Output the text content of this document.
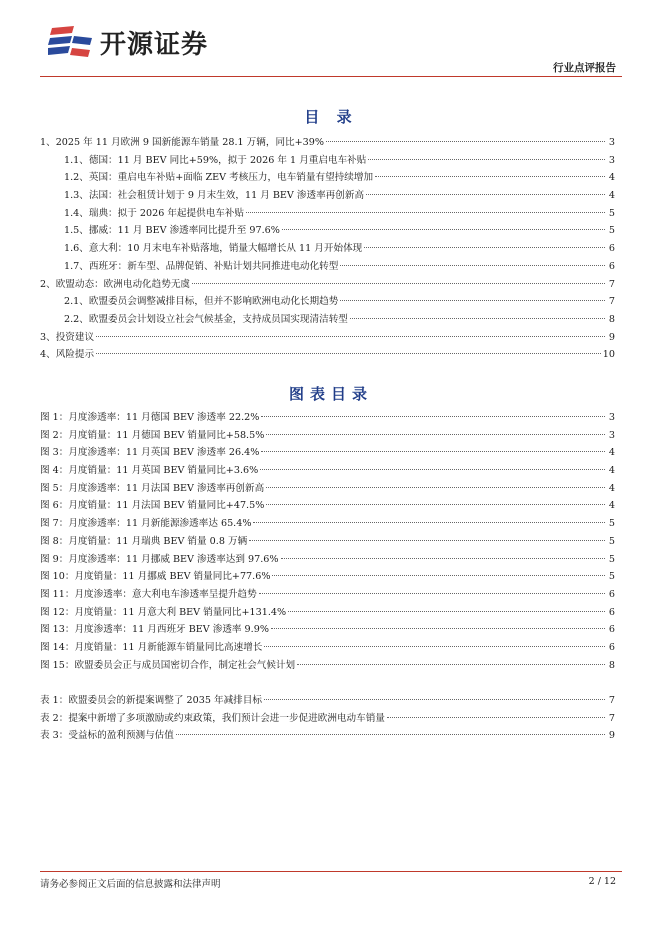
开源证券
行业点评报告
目 录
1、 2025 年 11 月欧洲 9 国新能源车销量 28.1 万辆，同比+39%	3
1.1、 德国：11 月 BEV 同比+59%，拟于 2026 年 1 月重启电车补贴	3
1.2、 英国：重启电车补贴+面临 ZEV 考核压力，电车销量有望持续增加	4
1.3、 法国：社会租赁计划于 9 月末生效，11 月 BEV 渗透率再创新高	4
1.4、 瑞典：拟于 2026 年起提供电车补贴	5
1.5、 挪威：11 月 BEV 渗透率同比提升至 97.6%	5
1.6、 意大利：10 月末电车补贴落地，销量大幅增长从 11 月开始体现	6
1.7、 西班牙：新车型、品牌促销、补贴计划共同推进电动化转型	6
2、 欧盟动态：欧洲电动化趋势无虞	7
2.1、 欧盟委员会调整减排目标，但并不影响欧洲电动化长期趋势	7
2.2、 欧盟委员会计划设立社会气候基金，支持成员国实现清洁转型	8
3、 投资建议	9
4、 风险提示	10
图表目录
图 1： 月度渗透率：11 月德国 BEV 渗透率 22.2%	3
图 2： 月度销量：11 月德国 BEV 销量同比+58.5%	3
图 3： 月度渗透率：11 月英国 BEV 渗透率 26.4%	4
图 4： 月度销量：11 月英国 BEV 销量同比+3.6%	4
图 5： 月度渗透率：11 月法国 BEV 渗透率再创新高	4
图 6： 月度销量：11 月法国 BEV 销量同比+47.5%	4
图 7： 月度渗透率：11 月新能源渗透率达 65.4%	5
图 8： 月度销量：11 月瑞典 BEV 销量 0.8 万辆	5
图 9： 月度渗透率：11 月挪威 BEV 渗透率达到 97.6%	5
图 10： 月度销量：11 月挪威 BEV 销量同比+77.6%	5
图 11： 月度渗透率：意大利电车渗透率呈提升趋势	6
图 12： 月度销量：11 月意大利 BEV 销量同比+131.4%	6
图 13： 月度渗透率：11 月西班牙 BEV 渗透率 9.9%	6
图 14： 月度销量：11 月新能源车销量同比高速增长	6
图 15： 欧盟委员会正与成员国密切合作，制定社会气候计划	8
表 1： 欧盟委员会的新提案调整了 2035 年减排目标	7
表 2： 提案中新增了多项激励或约束政策，我们预计会进一步促进欧洲电动车销量	7
表 3： 受益标的盈利预测与估值	9
请务必参阅正文后面的信息披露和法律声明	2 / 12
